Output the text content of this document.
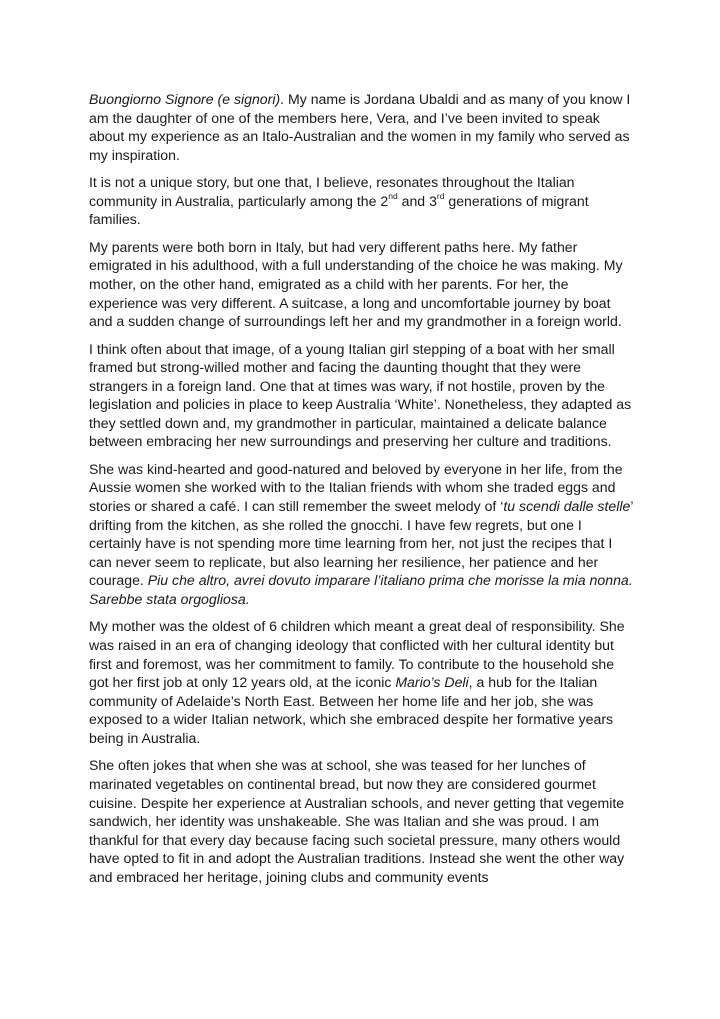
Buongiorno Signore (e signori). My name is Jordana Ubaldi and as many of you know I am the daughter of one of the members here, Vera, and I’ve been invited to speak about my experience as an Italo-Australian and the women in my family who served as my inspiration.

It is not a unique story, but one that, I believe, resonates throughout the Italian community in Australia, particularly among the 2nd and 3rd generations of migrant families.

My parents were both born in Italy, but had very different paths here. My father emigrated in his adulthood, with a full understanding of the choice he was making. My mother, on the other hand, emigrated as a child with her parents. For her, the experience was very different. A suitcase, a long and uncomfortable journey by boat and a sudden change of surroundings left her and my grandmother in a foreign world.

I think often about that image, of a young Italian girl stepping of a boat with her small framed but strong-willed mother and facing the daunting thought that they were strangers in a foreign land. One that at times was wary, if not hostile, proven by the legislation and policies in place to keep Australia ‘White’. Nonetheless, they adapted as they settled down and, my grandmother in particular, maintained a delicate balance between embracing her new surroundings and preserving her culture and traditions.

She was kind-hearted and good-natured and beloved by everyone in her life, from the Aussie women she worked with to the Italian friends with whom she traded eggs and stories or shared a café. I can still remember the sweet melody of ‘tu scendi dalle stelle’ drifting from the kitchen, as she rolled the gnocchi. I have few regrets, but one I certainly have is not spending more time learning from her, not just the recipes that I can never seem to replicate, but also learning her resilience, her patience and her courage. Piu che altro, avrei dovuto imparare l’italiano prima che morisse la mia nonna. Sarebbe stata orgogliosa.

My mother was the oldest of 6 children which meant a great deal of responsibility. She was raised in an era of changing ideology that conflicted with her cultural identity but first and foremost, was her commitment to family. To contribute to the household she got her first job at only 12 years old, at the iconic Mario’s Deli, a hub for the Italian community of Adelaide’s North East. Between her home life and her job, she was exposed to a wider Italian network, which she embraced despite her formative years being in Australia.

She often jokes that when she was at school, she was teased for her lunches of marinated vegetables on continental bread, but now they are considered gourmet cuisine. Despite her experience at Australian schools, and never getting that vegemite sandwich, her identity was unshakeable. She was Italian and she was proud. I am thankful for that every day because facing such societal pressure, many others would have opted to fit in and adopt the Australian traditions. Instead she went the other way and embraced her heritage, joining clubs and community events
